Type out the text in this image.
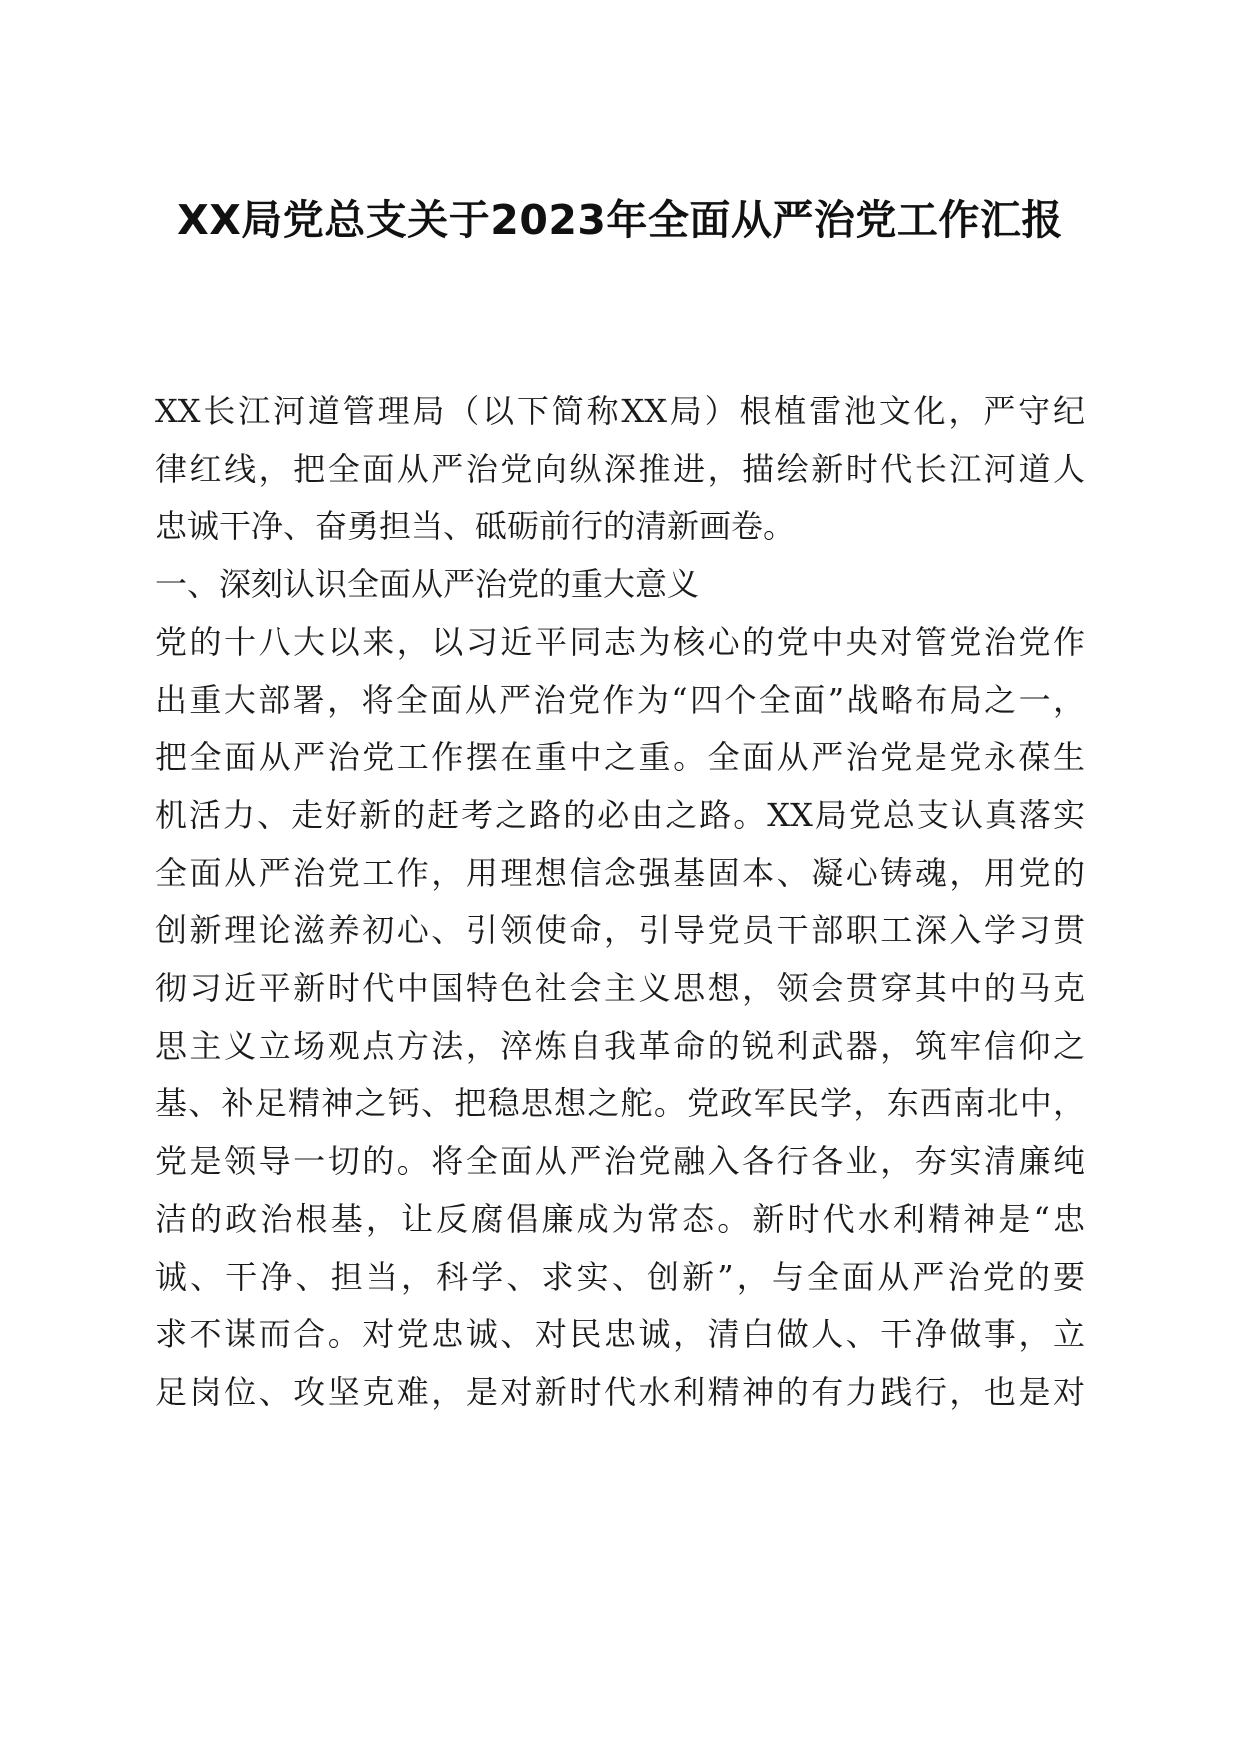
XX局党总支关于2023年全面从严治党工作汇报
XX长江河道管理局（以下简称XX局）根植雷池文化，严守纪
律红线，把全面从严治党向纵深推进，描绘新时代长江河道人
忠诚干净、奋勇担当、砥砺前行的清新画卷。
一、深刻认识全面从严治党的重大意义
党的十八大以来，以习近平同志为核心的党中央对管党治党作
出重大部署，将全面从严治党作为“四个全面”战略布局之一，
把全面从严治党工作摆在重中之重。全面从严治党是党永葆生
机活力、走好新的赶考之路的必由之路。XX局党总支认真落实
全面从严治党工作，用理想信念强基固本、凝心铸魂，用党的
创新理论滋养初心、引领使命，引导党员干部职工深入学习贯
彻习近平新时代中国特色社会主义思想，领会贯穿其中的马克
思主义立场观点方法，淬炼自我革命的锐利武器，筑牢信仰之
基、补足精神之钙、把稳思想之舵。党政军民学，东西南北中，
党是领导一切的。将全面从严治党融入各行各业，夯实清廉纯
洁的政治根基，让反腐倡廉成为常态。新时代水利精神是“忠
诚、干净、担当，科学、求实、创新”，与全面从严治党的要
求不谋而合。对党忠诚、对民忠诚，清白做人、干净做事，立
足岗位、攻坚克难，是对新时代水利精神的有力践行，也是对
